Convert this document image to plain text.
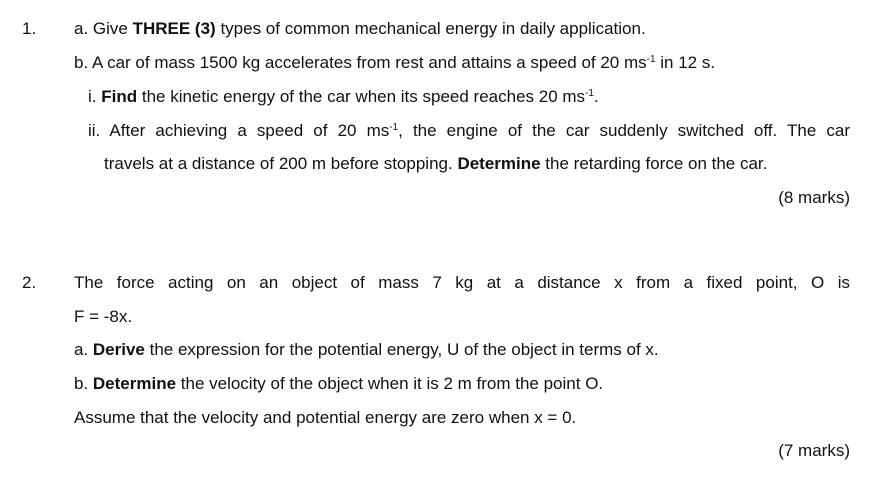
1. a. Give THREE (3) types of common mechanical energy in daily application.
b. A car of mass 1500 kg accelerates from rest and attains a speed of 20 $ms^{-1}$ in 12 s.
i. Find the kinetic energy of the car when its speed reaches 20 $ms^{-1}$.
ii. After achieving a speed of 20 $ms^{-1}$, the engine of the car suddenly switched off. The car
travels at a distance of 200 m before stopping. Determine the retarding force on the car.
(8 marks)
2. The force acting on an object of mass 7 kg at a distance x from a fixed point, O is
F = -8x.
a. Derive the expression for the potential energy, U of the object in terms of x.
b. Determine the velocity of the object when it is 2 m from the point O.
Assume that the velocity and potential energy are zero when x = 0.
(7 marks)
